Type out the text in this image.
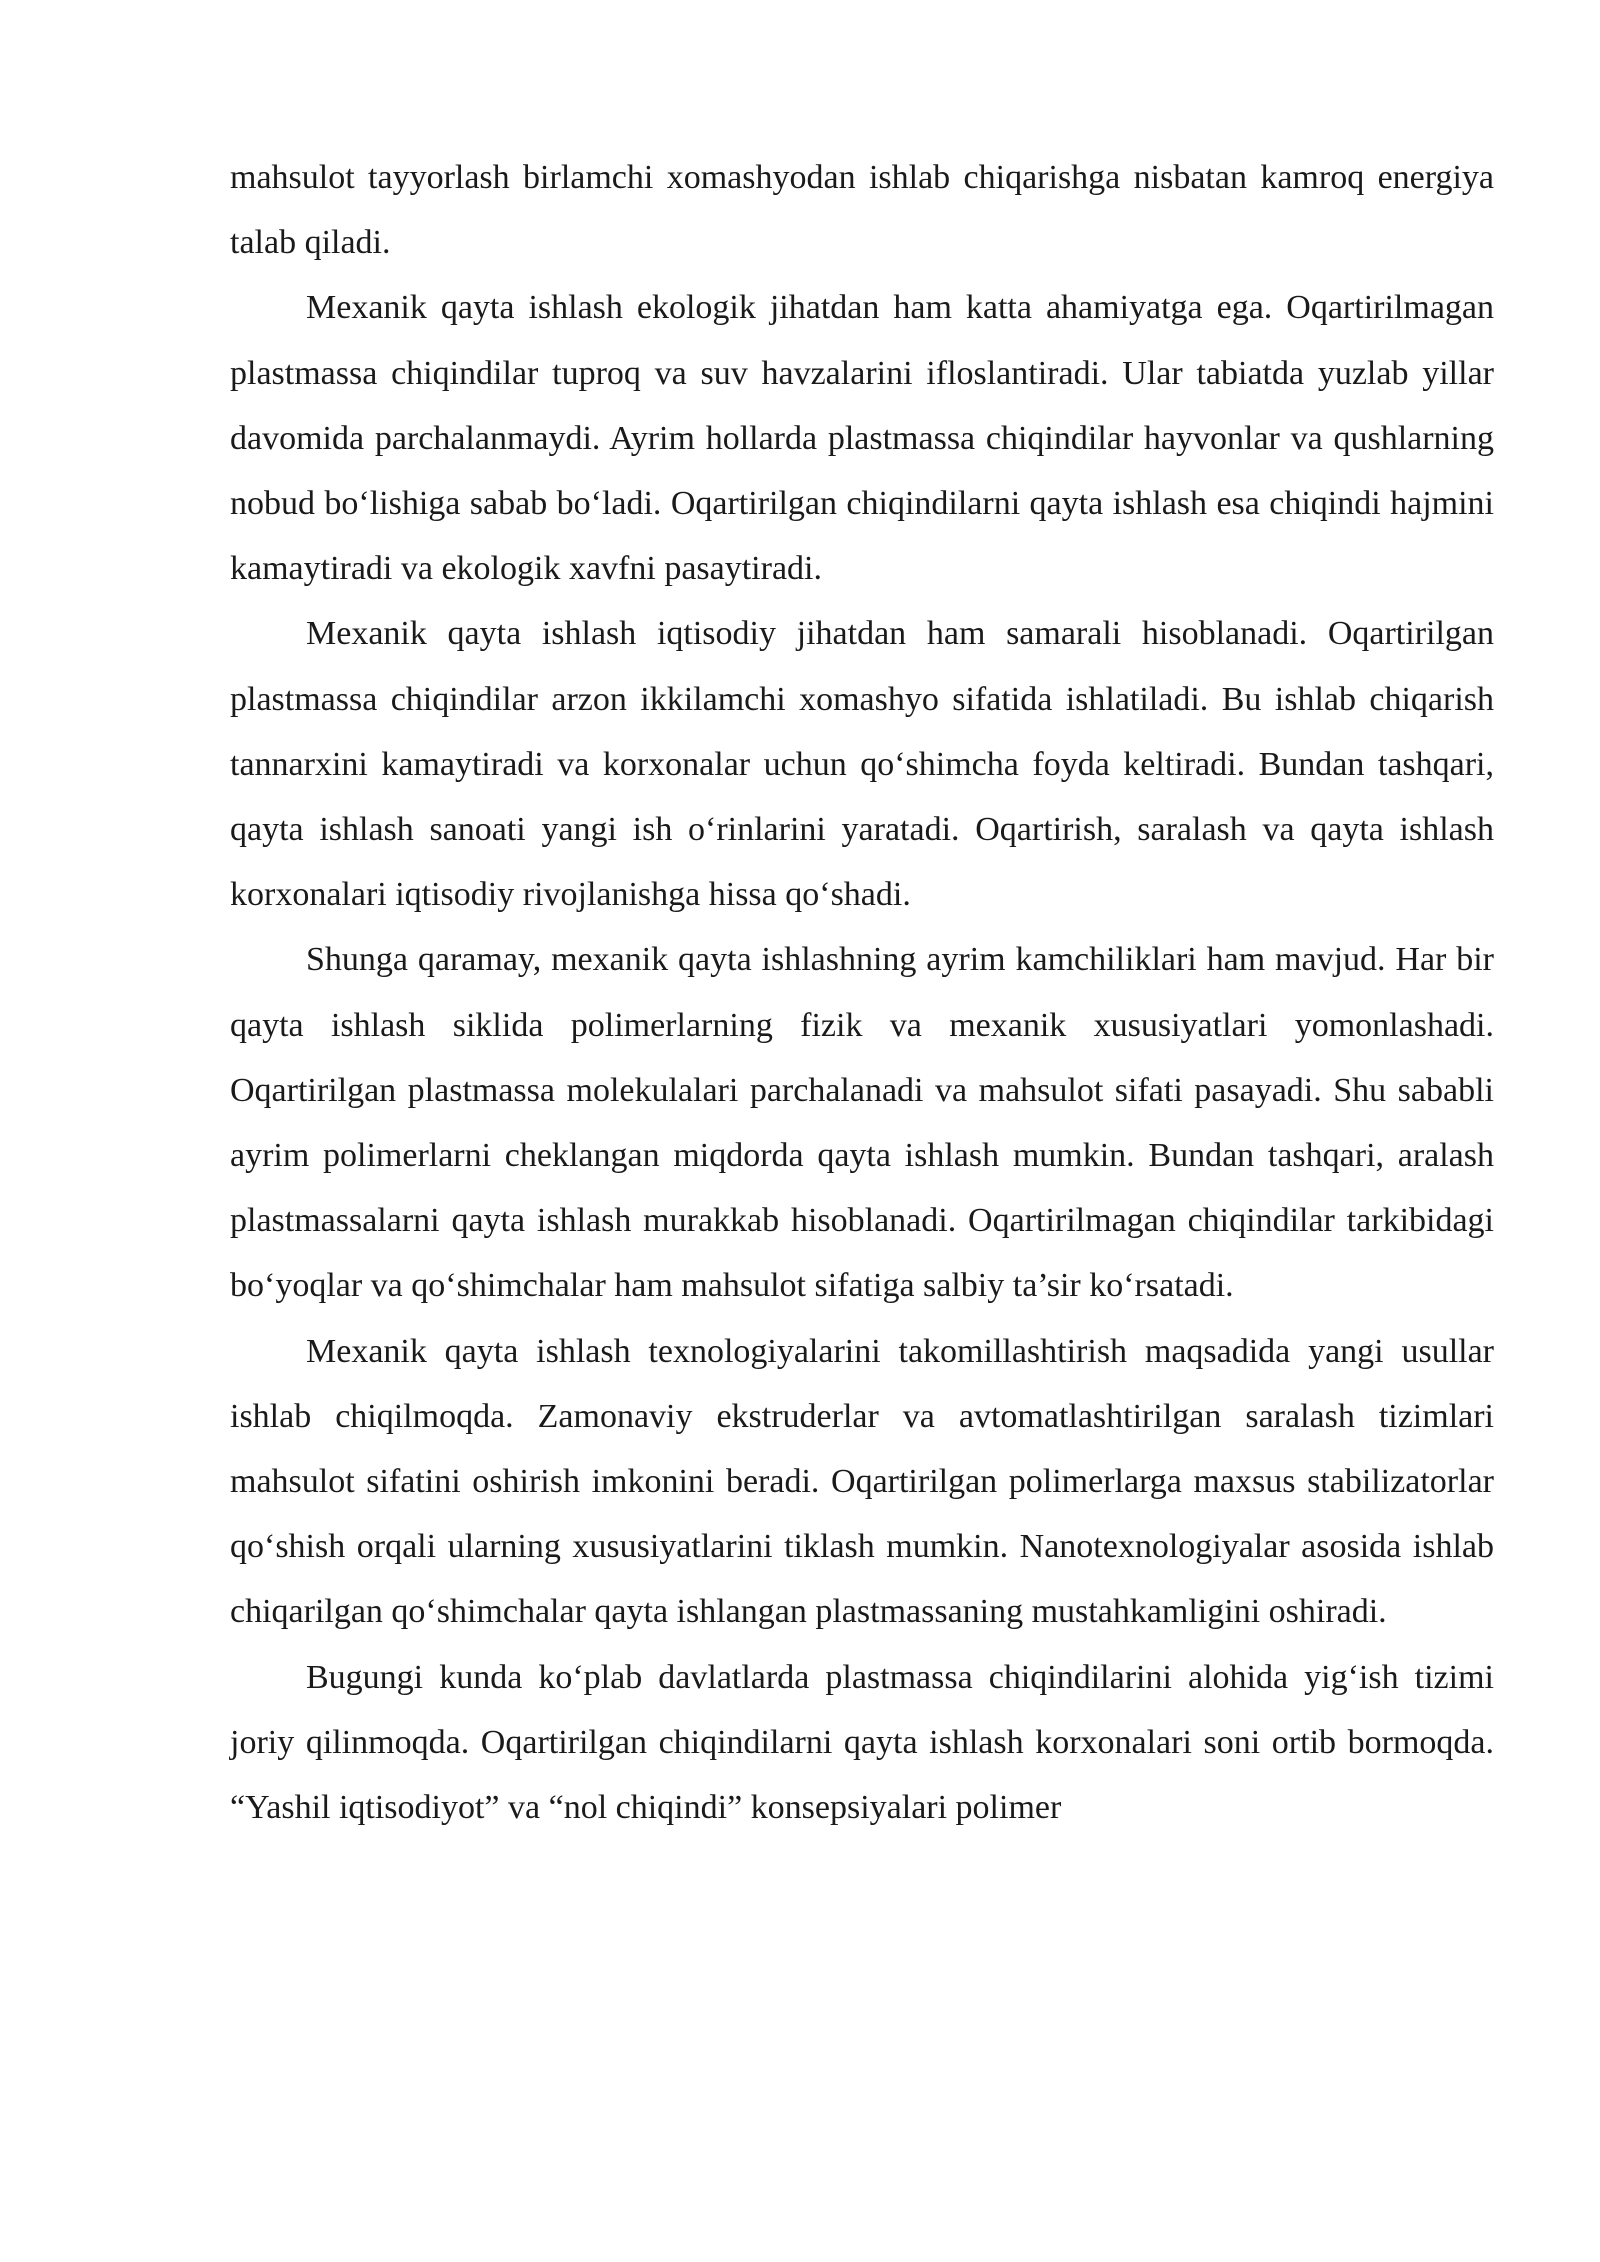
mahsulot tayyorlash birlamchi xomashyodan ishlab chiqarishga nisbatan kamroq energiya talab qiladi.

Mexanik qayta ishlash ekologik jihatdan ham katta ahamiyatga ega. Oqartirilmagan plastmassa chiqindilar tuproq va suv havzalarini ifloslantiradi. Ular tabiatda yuzlab yillar davomida parchalanmaydi. Ayrim hollarda plastmassa chiqindilar hayvonlar va qushlarning nobud bo‘lishiga sabab bo‘ladi. Oqartirilgan chiqindilarni qayta ishlash esa chiqindi hajmini kamaytiradi va ekologik xavfni pasaytiradi.

Mexanik qayta ishlash iqtisodiy jihatdan ham samarali hisoblanadi. Oqartirilgan plastmassa chiqindilar arzon ikkilamchi xomashyo sifatida ishlatiladi. Bu ishlab chiqarish tannarxini kamaytiradi va korxonalar uchun qo‘shimcha foyda keltiradi. Bundan tashqari, qayta ishlash sanoati yangi ish o‘rinlarini yaratadi. Oqartirish, saralash va qayta ishlash korxonalari iqtisodiy rivojlanishga hissa qo‘shadi.

Shunga qaramay, mexanik qayta ishlashning ayrim kamchiliklari ham mavjud. Har bir qayta ishlash siklida polimerlarning fizik va mexanik xususiyatlari yomonlashadi. Oqartirilgan plastmassa molekulalari parchalanadi va mahsulot sifati pasayadi. Shu sababli ayrim polimerlarni cheklangan miqdorda qayta ishlash mumkin. Bundan tashqari, aralash plastmassalarni qayta ishlash murakkab hisoblanadi. Oqartirilmagan chiqindilar tarkibidagi bo‘yoqlar va qo‘shimchalar ham mahsulot sifatiga salbiy ta’sir ko‘rsatadi.

Mexanik qayta ishlash texnologiyalarini takomillashtirish maqsadida yangi usullar ishlab chiqilmoqda. Zamonaviy ekstruderlar va avtomatlashtirilgan saralash tizimlari mahsulot sifatini oshirish imkonini beradi. Oqartirilgan polimerlarga maxsus stabilizatorlar qo‘shish orqali ularning xususiyatlarini tiklash mumkin. Nanotexnologiyalar asosida ishlab chiqarilgan qo‘shimchalar qayta ishlangan plastmassaning mustahkamligini oshiradi.

Bugungi kunda ko‘plab davlatlarda plastmassa chiqindilarini alohida yig‘ish tizimi joriy qilinmoqda. Oqartirilgan chiqindilarni qayta ishlash korxonalari soni ortib bormoqda. “Yashil iqtisodiyot” va “nol chiqindi” konsepsiyalari polimer
